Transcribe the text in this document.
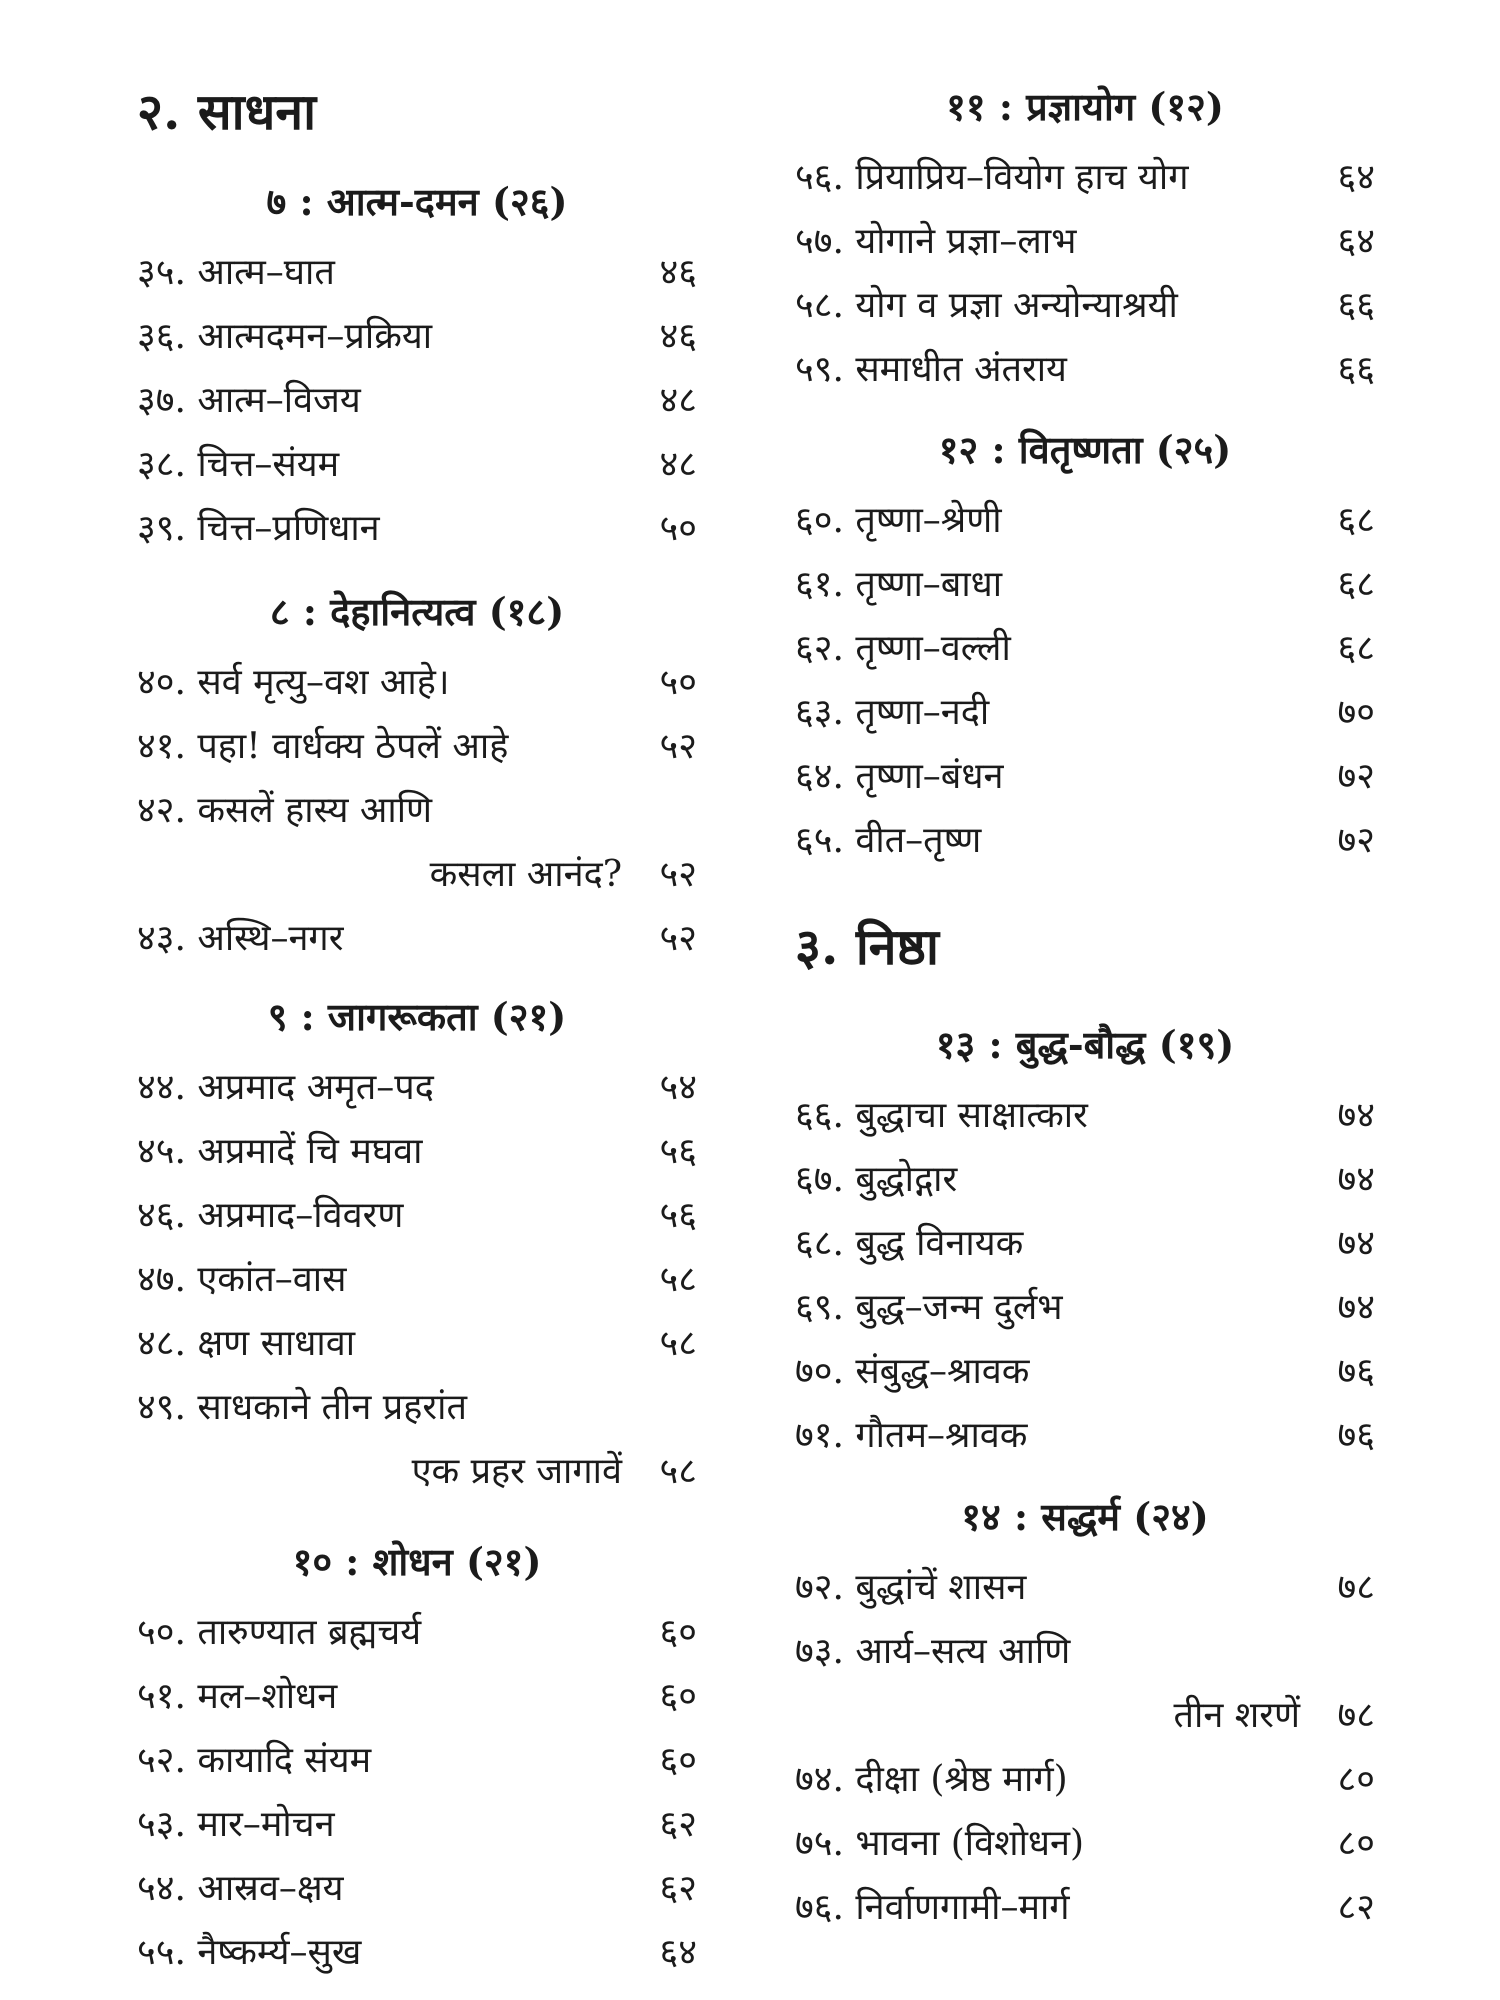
२. साधना
७ : आत्म-दमन (२६)
३५. आत्म–घात	४६
३६. आत्मदमन–प्रक्रिया	४६
३७. आत्म–विजय	४८
३८. चित्त–संयम	४८
३९. चित्त–प्रणिधान	५०
८ : देहानित्यत्व (१८)
४०. सर्व मृत्यु–वश आहे।	५०
४१. पहा! वार्धक्य ठेपलें आहे	५२
४२. कसलें हास्य आणि
कसला आनंद? ५२
४३. अस्थि–नगर	५२
९ : जागरूकता (२१)
४४. अप्रमाद अमृत–पद	५४
४५. अप्रमादें चि मघवा	५६
४६. अप्रमाद–विवरण	५६
४७. एकांत–वास	५८
४८. क्षण साधावा	५८
४९. साधकाने तीन प्रहरांत
एक प्रहर जागावें ५८
१० : शोधन (२१)
५०. तारुण्यात ब्रह्मचर्य	६०
५१. मल–शोधन	६०
५२. कायादि संयम	६०
५३. मार–मोचन	६२
५४. आस्रव–क्षय	६२
५५. नैष्कर्म्य–सुख	६४
११ : प्रज्ञायोग (१२)
५६. प्रियाप्रिय–वियोग हाच योग	६४
५७. योगाने प्रज्ञा–लाभ	६४
५८. योग व प्रज्ञा अन्योन्याश्रयी	६६
५९. समाधीत अंतराय	६६
१२ : वितृष्णता (२५)
६०. तृष्णा–श्रेणी	६८
६१. तृष्णा–बाधा	६८
६२. तृष्णा–वल्ली	६८
६३. तृष्णा–नदी	७०
६४. तृष्णा–बंधन	७२
६५. वीत–तृष्ण	७२
३. निष्ठा
१३ : बुद्ध-बौद्ध (१९)
६६. बुद्धाचा साक्षात्कार	७४
६७. बुद्धोद्गार	७४
६८. बुद्ध विनायक	७४
६९. बुद्ध–जन्म दुर्लभ	७४
७०. संबुद्ध–श्रावक	७६
७१. गौतम–श्रावक	७६
१४ : सद्धर्म (२४)
७२. बुद्धांचें शासन	७८
७३. आर्य–सत्य आणि
तीन शरणें ७८
७४. दीक्षा (श्रेष्ठ मार्ग)	८०
७५. भावना (विशोधन)	८०
७६. निर्वाणगामी–मार्ग	८२
